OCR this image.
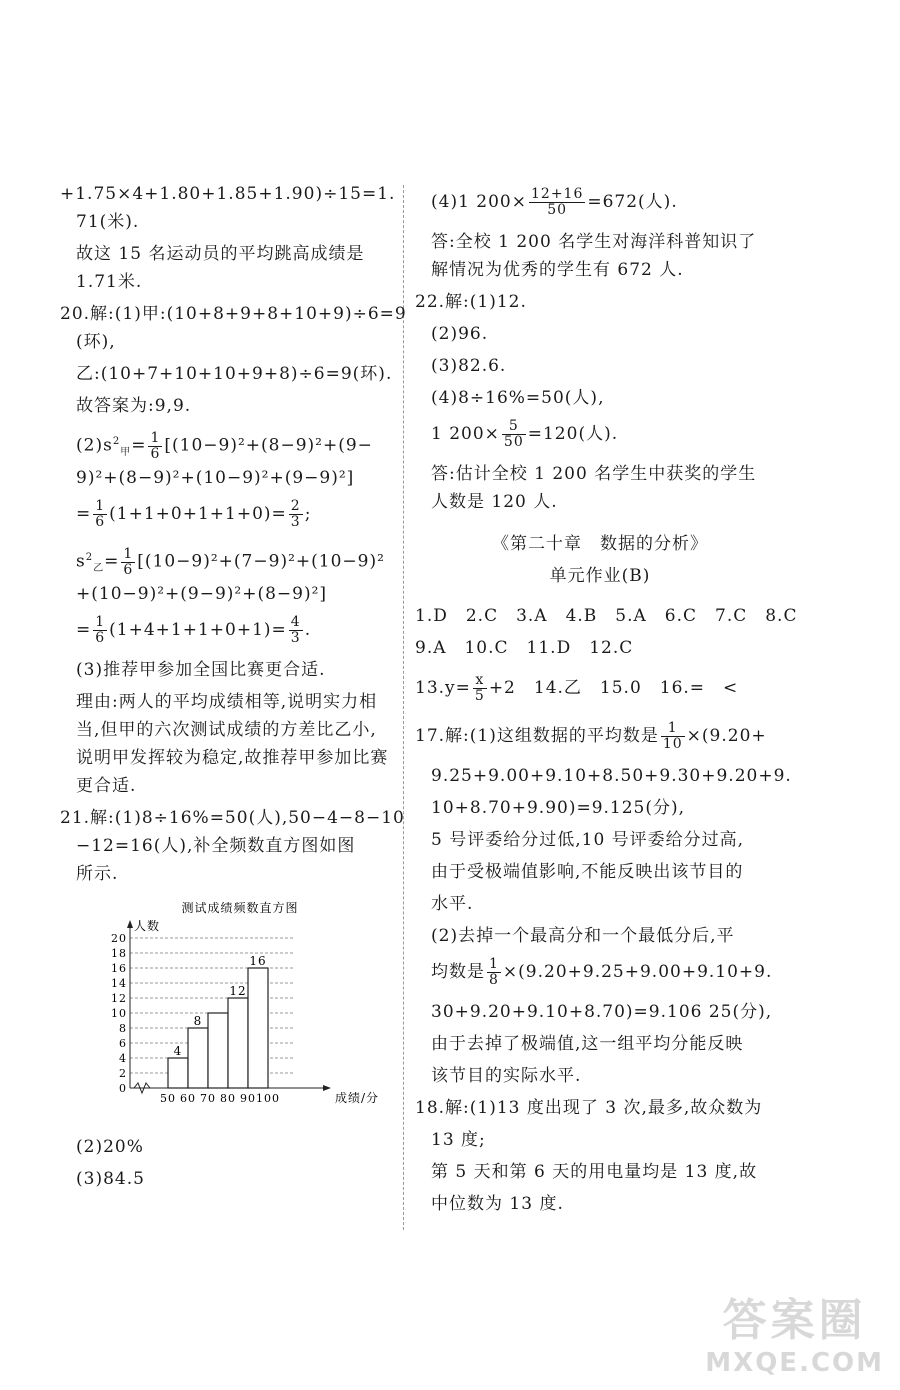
+1.75×4+1.80+1.85+1.90)÷15=1.
71(米).
故这 15 名运动员的平均跳高成绩是
1.71米.
20.解:(1)甲:(10+8+9+8+10+9)÷6=9
(环),
乙:(10+7+10+10+9+8)÷6=9(环).
故答案为:9,9.
$(2)s^2_甲= \frac{1}{6} [(10-9)^2+(8-9)^2+(9-$
9)²+(8−9)²+(10−9)²+(9−9)²]
= $\frac{1}{6} (1+1+0+1+1+0)= \frac{2}{3}$ ;
$s^2_乙= \frac{1}{6} [(10-9)^2+(7-9)^2+(10-9)^2$
+(10−9)²+(9−9)²+(8−9)²]
= $\frac{1}{6} (1+4+1+1+0+1)= \frac{4}{3}$ .
(3)推荐甲参加全国比赛更合适.
理由:两人的平均成绩相等,说明实力相
当,但甲的六次测试成绩的方差比乙小,
说明甲发挥较为稳定,故推荐甲参加比赛
更合适.
21.解:(1)8÷16%=50(人),50−4−8−10
−12=16(人),补全频数直方图如图
所示.
测试成绩频数直方图
0
2
4
6
8
10
12
14
16
18
20
人数
成绩/分
50 60 70 80 90 100
4
8
12
16
(2)20%
(3)84.5
(4)1 $200\times \frac{12+16}{50} =672$(人).
答:全校 1 200 名学生对海洋科普知识了
解情况为优秀的学生有 672 人.
22.解:(1)12.
(2)96.
(3)82.6.
(4)8÷16%=50(人),
1 $200\times \frac{5}{50} =120$(人).
答:估计全校 1 200 名学生中获奖的学生
人数是 120 人.
《第二十章　数据的分析》
单元作业(B)
1.D　2.C　3.A　4.B　5.A　6.C　7.C　8.C
9.A　10.C　11.D　12.C
$13.y= \frac{x}{5} +2$　14.乙　15.0　16.=　<
17.解:(1)这组数据的平均数是 $\frac{1}{10} \times(9.20+$
9.25+9.00+9.10+8.50+9.30+9.20+9.
10+8.70+9.90)=9.125(分),
5 号评委给分过低,10 号评委给分过高,
由于受极端值影响,不能反映出该节目的
水平.
(2)去掉一个最高分和一个最低分后,平
均数是 $\frac{1}{8} \times(9.20+9.25+9.00+9.10+9$.
30+9.20+9.10+8.70)=9.106 25(分),
由于去掉了极端值,这一组平均分能反映
该节目的实际水平.
18.解:(1)13 度出现了 3 次,最多,故众数为
13 度;
第 5 天和第 6 天的用电量均是 13 度,故
中位数为 13 度.
答案圈
MXQE.COM
